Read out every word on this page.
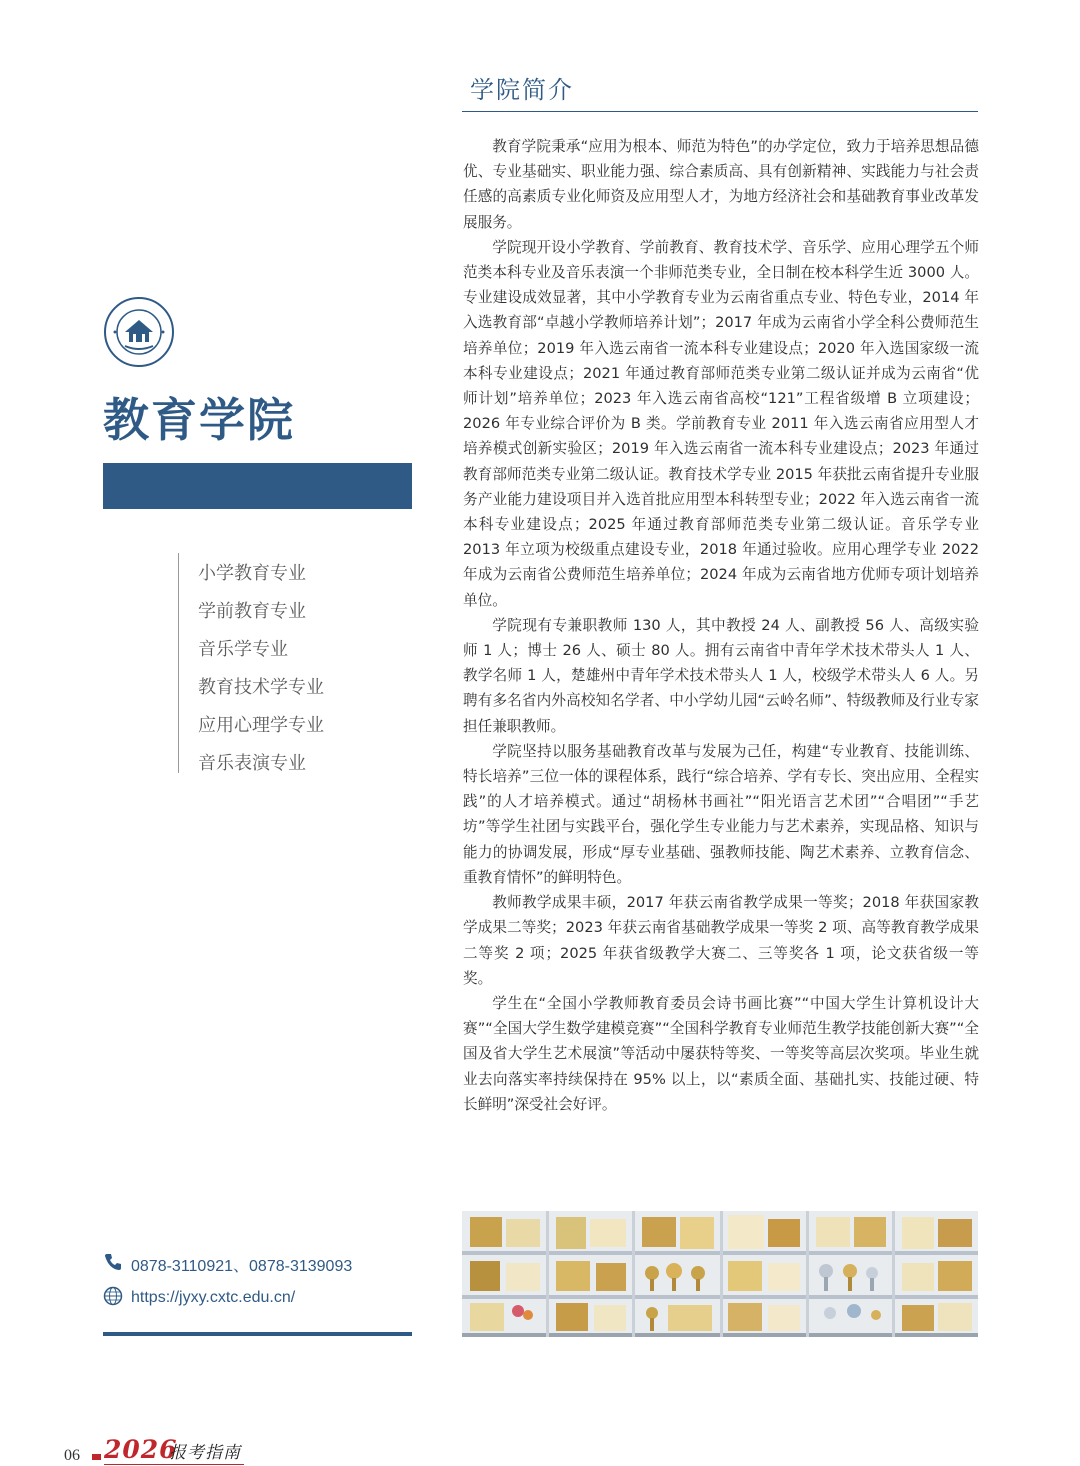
学院简介

教育学院秉承“应用为根本、师范为特色”的办学定位，致力于培养思想品德优、专业基础实、职业能力强、综合素质高、具有创新精神、实践能力与社会责任感的高素质专业化师资及应用型人才，为地方经济社会和基础教育事业改革发展服务。

学院现开设小学教育、学前教育、教育技术学、音乐学、应用心理学五个师范类本科专业及音乐表演一个非师范类专业，全日制在校本科学生近 3000 人。专业建设成效显著，其中小学教育专业为云南省重点专业、特色专业，2014 年入选教育部“卓越小学教师培养计划”；2017 年成为云南省小学全科公费师范生培养单位；2019 年入选云南省一流本科专业建设点；2020 年入选国家级一流本科专业建设点；2021 年通过教育部师范类专业第二级认证并成为云南省“优师计划”培养单位；2023 年入选云南省高校“121”工程省级增 B 立项建设；2026 年专业综合评价为 B 类。学前教育专业 2011 年入选云南省应用型人才培养模式创新实验区；2019 年入选云南省一流本科专业建设点；2023 年通过教育部师范类专业第二级认证。教育技术学专业 2015 年获批云南省提升专业服务产业能力建设项目并入选首批应用型本科转型专业；2022 年入选云南省一流本科专业建设点；2025 年通过教育部师范类专业第二级认证。音乐学专业 2013 年立项为校级重点建设专业，2018 年通过验收。应用心理学专业 2022 年成为云南省公费师范生培养单位；2024 年成为云南省地方优师专项计划培养单位。

学院现有专兼职教师 130 人，其中教授 24 人、副教授 56 人、高级实验师 1 人；博士 26 人、硕士 80 人。拥有云南省中青年学术技术带头人 1 人、教学名师 1 人，楚雄州中青年学术技术带头人 1 人，校级学术带头人 6 人。另聘有多名省内外高校知名学者、中小学幼儿园“云岭名师”、特级教师及行业专家担任兼职教师。

学院坚持以服务基础教育改革与发展为己任，构建“专业教育、技能训练、特长培养”三位一体的课程体系，践行“综合培养、学有专长、突出应用、全程实践”的人才培养模式。通过“胡杨林书画社”“阳光语言艺术团”“合唱团”“手艺坊”等学生社团与实践平台，强化学生专业能力与艺术素养，实现品格、知识与能力的协调发展，形成“厚专业基础、强教师技能、陶艺术素养、立教育信念、重教育情怀”的鲜明特色。

教师教学成果丰硕，2017 年获云南省教学成果一等奖；2018 年获国家教学成果二等奖；2023 年获云南省基础教学成果一等奖 2 项、高等教育教学成果二等奖 2 项；2025 年获省级教学大赛二、三等奖各 1 项，论文获省级一等奖。

学生在“全国小学教师教育委员会诗书画比赛”“中国大学生计算机设计大赛”“全国大学生数学建模竞赛”“全国科学教育专业师范生教学技能创新大赛”“全国及省大学生艺术展演”等活动中屡获特等奖、一等奖等高层次奖项。毕业生就业去向落实率持续保持在 95% 以上，以“素质全面、基础扎实、技能过硬、特长鲜明”深受社会好评。

教育学院
小学教育专业
学前教育专业
音乐学专业
教育技术学专业
应用心理学专业
音乐表演专业
0878-3110921、0878-3139093
https://jyxy.cxtc.edu.cn/
06 2026
报考指南
